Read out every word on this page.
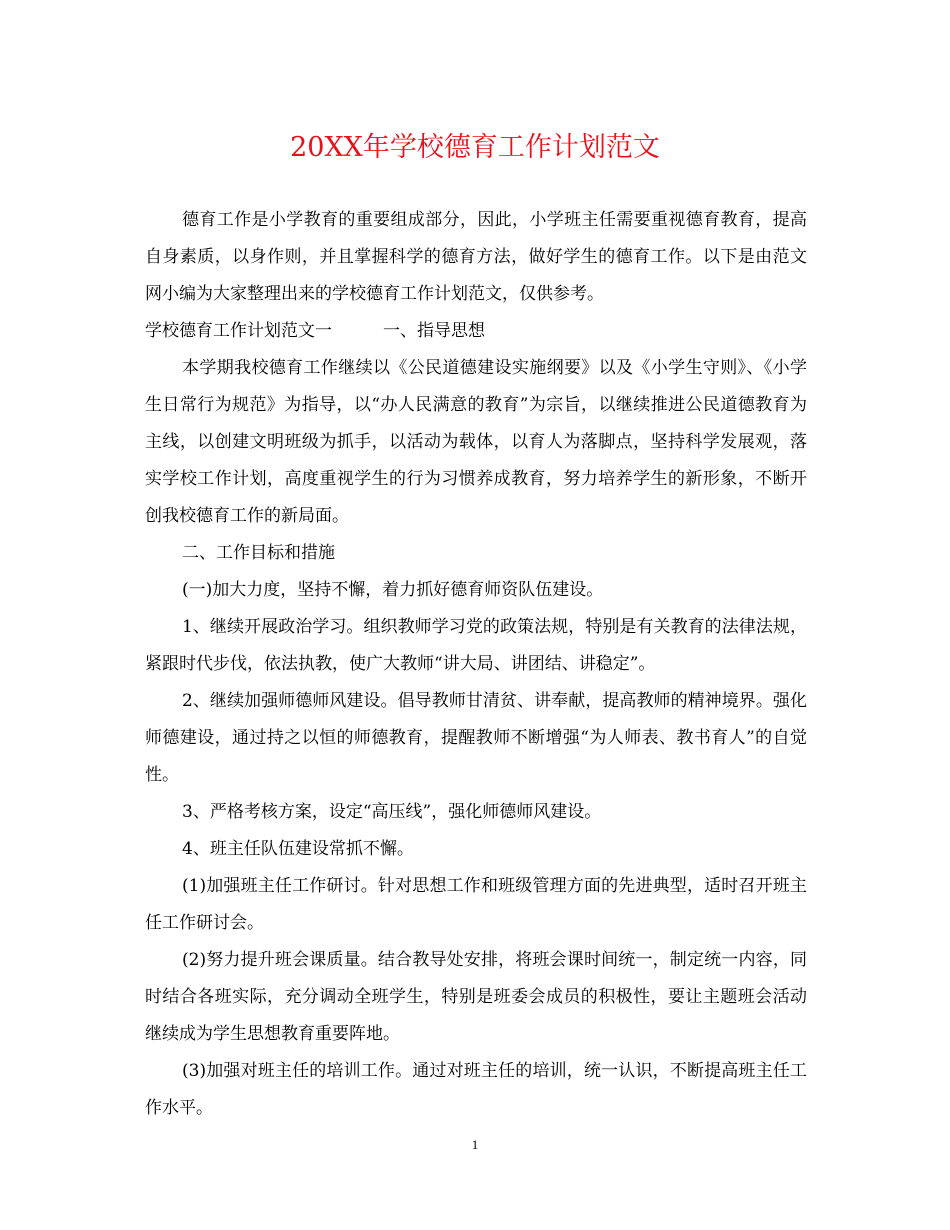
20XX年学校德育工作计划范文

德育工作是小学教育的重要组成部分，因此，小学班主任需要重视德育教育，提高自身素质，以身作则，并且掌握科学的德育方法，做好学生的德育工作。以下是由范文网小编为大家整理出来的学校德育工作计划范文，仅供参考。

学校德育工作计划范文一　　　一、指导思想

本学期我校德育工作继续以《公民道德建设实施纲要》以及《小学生守则》、《小学生日常行为规范》为指导，以“办人民满意的教育”为宗旨，以继续推进公民道德教育为主线，以创建文明班级为抓手，以活动为载体，以育人为落脚点，坚持科学发展观，落实学校工作计划，高度重视学生的行为习惯养成教育，努力培养学生的新形象，不断开创我校德育工作的新局面。

二、工作目标和措施

(一)加大力度，坚持不懈，着力抓好德育师资队伍建设。

1、继续开展政治学习。组织教师学习党的政策法规，特别是有关教育的法律法规，紧跟时代步伐，依法执教，使广大教师“讲大局、讲团结、讲稳定”。

2、继续加强师德师风建设。倡导教师甘清贫、讲奉献，提高教师的精神境界。强化师德建设，通过持之以恒的师德教育，提醒教师不断增强“为人师表、教书育人”的自觉性。

3、严格考核方案，设定“高压线”，强化师德师风建设。

4、班主任队伍建设常抓不懈。

(1)加强班主任工作研讨。针对思想工作和班级管理方面的先进典型，适时召开班主任工作研讨会。

(2)努力提升班会课质量。结合教导处安排，将班会课时间统一，制定统一内容，同时结合各班实际，充分调动全班学生，特别是班委会成员的积极性，要让主题班会活动继续成为学生思想教育重要阵地。

(3)加强对班主任的培训工作。通过对班主任的培训，统一认识，不断提高班主任工作水平。

1
